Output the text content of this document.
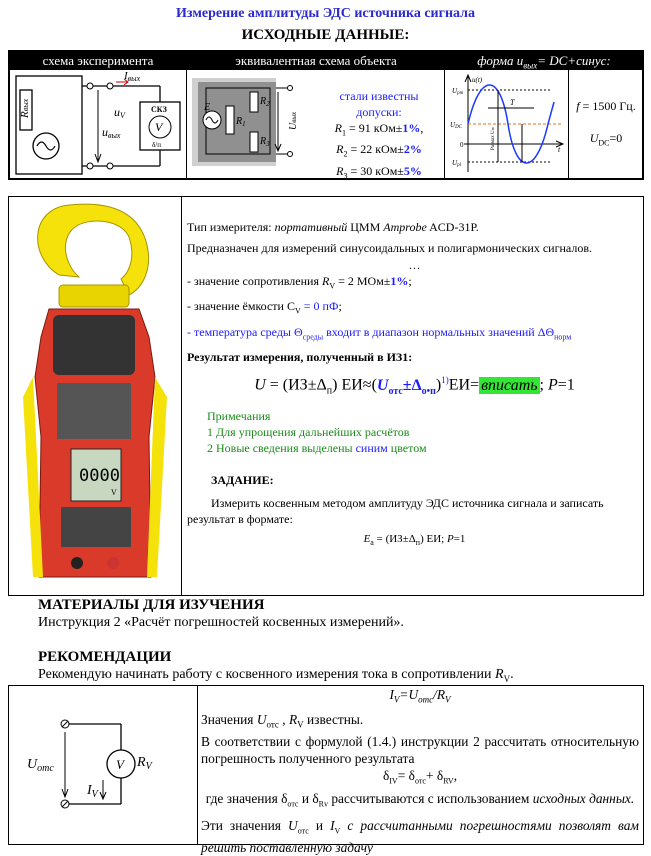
Измерение амплитуды ЭДС источника сигнала
ИСХОДНЫЕ ДАННЫЕ:
схема эксперимента	эквивалентная схема объекта	форма $u_{вых}=$ DC+синус:
Rвых
Iвых
uV
uвых
СКЗ
V
δ/п
E
$R_1$
$R_2$
$R_3$
Uвых
стали известны
допуски:
$R_1 = 91$ кОм±1%,
$R_2 = 22$ кОм±2%
$R_3 = 30$ кОм±5%
u(t)
Upm
UDC
Upl
0	t
T
Размах Um
f = 1500 Гц.
$U_{DC}=0$
0000
V

Тип измерителя: портативный ЦММ Amprobe ACD-31P.

Предназначен для измерений синусоидальных и полигармонических сигналов.

…

- значение сопротивления $R_V = 2$ МОм±1%;

- значение ёмкости $С_V = 0$ пФ;

- температура среды $\Theta_{среды}$ входит в диапазон нормальных значений $\Delta\Theta_{норм}$

Результат измерения, полученный в ИЗ1:

$U = (ИЗ\pm\Delta_п)$ $ЕИ\approx(U_{отс}\pm\Delta_{о•п})^{1)}ЕИ=$ вписать ; P=1
Примечания
1 Для упрощения дальнейших расчётов
2 Новые сведения выделены синим цветом
ЗАДАНИЕ:
Измерить косвенным методом амплитуду ЭДС источника сигнала и записать результат в формате:
$E_a = (ИЗ\pm\Delta_п)$ ЕИ; P=1
МАТЕРИАЛЫ ДЛЯ ИЗУЧЕНИЯ
Инструкция 2 «Расчёт погрешностей косвенных измерений».
РЕКОМЕНДАЦИИ
Рекомендую начинать работу с косвенного измерения тока в сопротивлении $R_V$.
$U_{отс}$	V $R_V$
$I_V$

$I_V=U_{отс}/R_V$

Значения $U_{отс}$ , $R_V$ известны.

В соответствии с формулой (1.4.) инструкции 2 рассчитать относительную погрешность полученного результата

$\delta_{IV}= \delta_{отс}+ \delta_{RV}$,

где значения $\delta_{отс}$ и $\delta_{Rv}$ рассчитываются с использованием исходных данных.

Эти значения $U_{отс}$ и $I_V$ с рассчитанными погрешностями позволят вам решить поставленную задачу
